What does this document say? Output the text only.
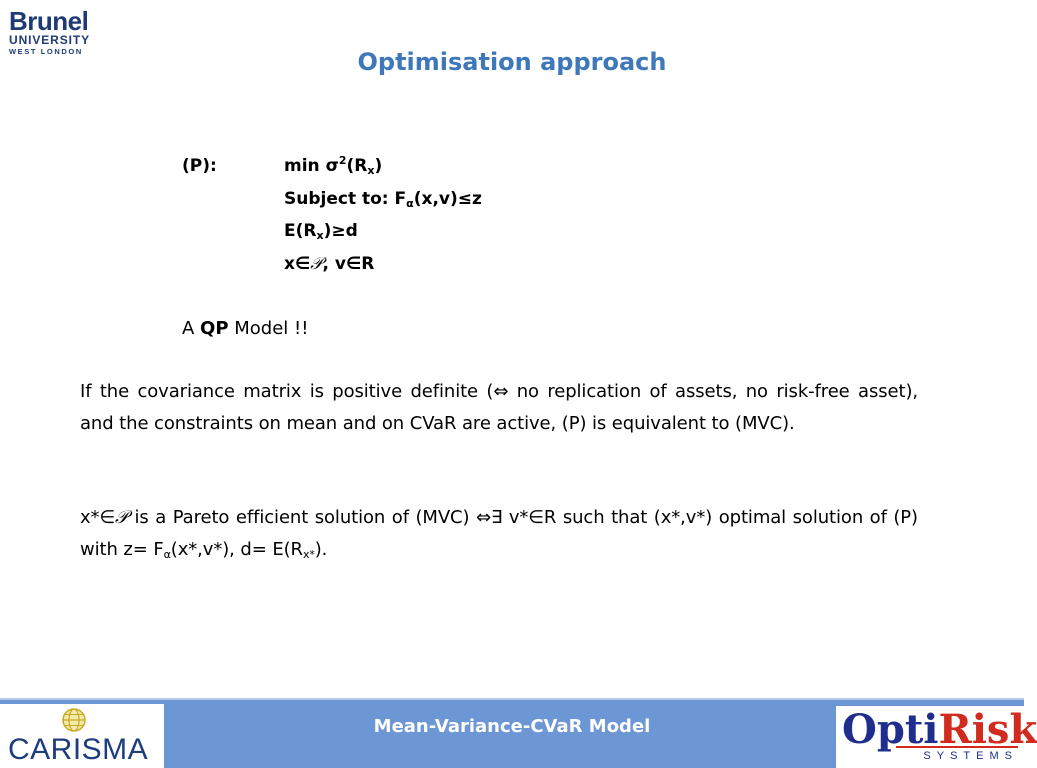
Brunel
UNIVERSITY
WEST LONDON	Optimisation approach
(P):	$\min \sigma^2(R_x)$
Subject to: $F_\alpha(x,v)\le z$
$E(R_x)\ge d$
x∈𝒫, v∈R
A QP Model !!
If the covariance matrix is positive definite (⇔ no replication of assets, no risk-free asset), and the constraints on mean and on CVaR are active, (P) is equivalent to (MVC).
x*∈𝒫 is a Pareto efficient solution of (MVC) ⇔∃ v*∈R such that (x*,v*) optimal solution of (P) with $z= F_\alpha(x*,v*)$, $d= E(R_{x*})$.
Mean-Variance-CVaR Model
CARISMA	OptiRisk
SYSTEMS
